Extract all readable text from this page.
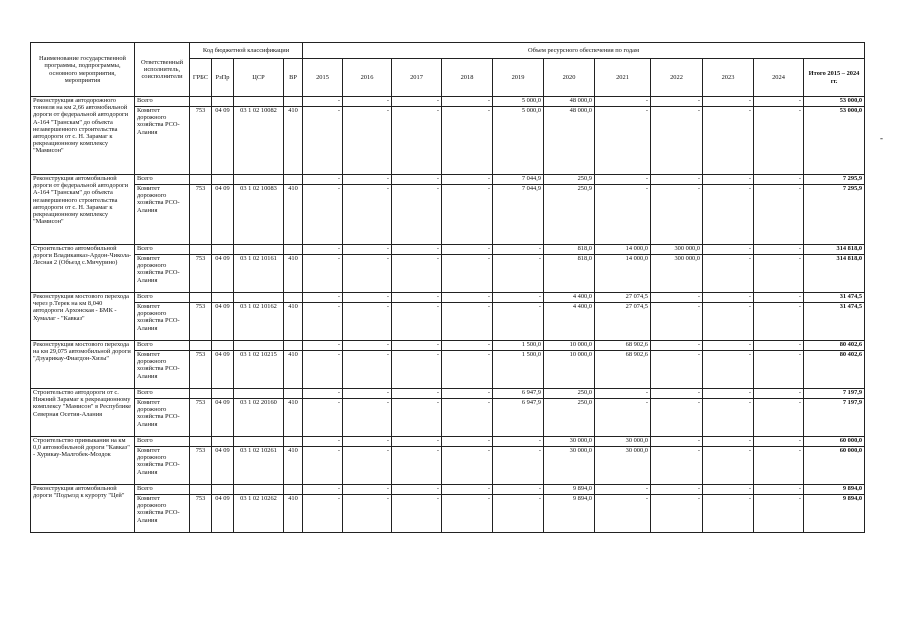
Наименование государственной программы, подпрограммы, основного мероприятия, мероприятия	Ответственный исполнитель, соисполнители	Код бюджетной классификации				Объем ресурсного обеспечения по годам										
		ГРБС	РзПр	ЦСР	ВР	2015	2016	2017	2018	2019	2020	2021	2022	2023	2024	Итого 2015 – 2024 гг.
Реконструкция автодорожного тоннеля на км 2,66 автомобильной дороги от федеральной автодороги А-164 "Транскам" до объекта незавершенного строительства автодороги от с. Н. Зарамаг к рекреационному комплексу "Мамисон"	Всего					-	-	-	-	5 000,0	48 000,0	-	-	-	-	53 000,0
	Комитет дорожного хозяйства РСО-Алания	753	04 09	03 1 02 10082	410	-	-	-	-	5 000,0	48 000,0	-	-	-	-	53 000,0
Реконструкция автомобильной дороги от федеральной автодороги А-164 "Транскам" до объекта незавершенного строительства автодороги от с. Н. Зарамаг к рекреационному комплексу "Мамисон"	Всего					-	-	-	-	7 044,9	250,9	-	-	-	-	7 295,9
	Комитет дорожного хозяйства РСО-Алания	753	04 09	03 1 02 10083	410	-	-	-	-	7 044,9	250,9	-	-	-	-	7 295,9
Строительство автомобильной дороги Владикавказ-Ардон-Чикола-Лесная 2 (Объезд с.Мичурино)	Всего					-	-	-	-	-	818,0	14 000,0	300 000,0	-	-	314 818,0
	Комитет дорожного хозяйства РСО-Алания	753	04 09	03 1 02 10161	410	-	-	-	-	-	818,0	14 000,0	300 000,0	-	-	314 818,0
Реконструкция мостового перехода через р.Терек на км 8,040 автодороги Архонская - БМК - Хумалаг - "Кавказ"	Всего					-	-	-	-	-	4 400,0	27 074,5	-	-	-	31 474,5
	Комитет дорожного хозяйства РСО-Алания	753	04 09	03 1 02 10162	410	-	-	-	-	-	4 400,0	27 074,5	-	-	-	31 474,5
Реконструкция мостового перехода на км 29,075 автомобильной дороги "Дзуарикау-Фиагдон-Хизы"	Всего					-	-	-	-	1 500,0	10 000,0	68 902,6	-	-	-	80 402,6
	Комитет дорожного хозяйства РСО-Алания	753	04 09	03 1 02 10215	410	-	-	-	-	1 500,0	10 000,0	68 902,6	-	-	-	80 402,6
Строительство автодороги от с. Нижний Зарамаг к рекреационному комплексу "Мамисон" в Республике Северная Осетия-Алания	Всего					-	-	-	-	6 947,9	250,0	-	-	-	-	7 197,9
	Комитет дорожного хозяйства РСО-Алания	753	04 09	03 1 02 20160	410	-	-	-	-	6 947,9	250,0	-	-	-	-	7 197,9
Строительство примыкания на км 0,0 автомобильной дороги "Кавказ" - Хурикау-Малгобек-Моздок	Всего					-	-	-	-	-	30 000,0	30 000,0	-	-	-	60 000,0
	Комитет дорожного хозяйства РСО-Алания	753	04 09	03 1 02 10261	410	-	-	-	-	-	30 000,0	30 000,0	-	-	-	60 000,0
Реконструкция автомобильной дороги "Подъезд к курорту "Цей"	Всего					-	-	-	-	-	9 894,0	-	-	-	-	9 894,0
	Комитет дорожного хозяйства РСО-Алания	753	04 09	03 1 02 10262	410	-	-	-	-	-	9 894,0	-	-	-	-	9 894,0
-
